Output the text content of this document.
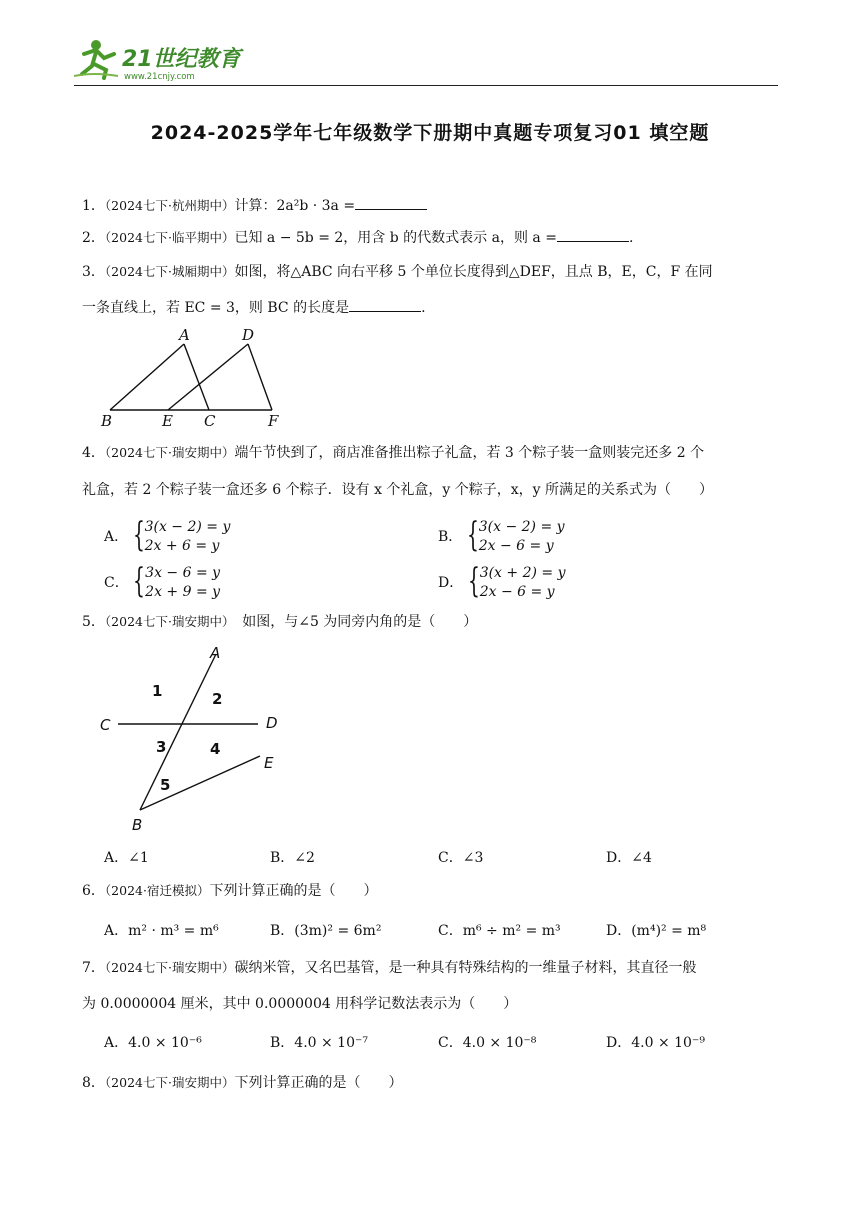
21世纪教育
www.21cnjy.com
2024-2025学年七年级数学下册期中真题专项复习01 填空题
1．（2024七下·杭州期中）计算：2a²b · 3a =
2．（2024七下·临平期中）已知 a − 5b = 2，用含 b 的代数式表示 a，则 a =	.
3．（2024七下·城厢期中）如图，将△ABC 向右平移 5 个单位长度得到△DEF，且点 B，E，C，F 在同
一条直线上，若 EC = 3，则 BC 的长度是	.
A	D
B	E C	F
4．（2024七下·瑞安期中）端午节快到了，商店准备推出粽子礼盒，若 3 个粽子装一盒则装完还多 2 个
礼盒，若 2 个粽子装一盒还多 6 个粽子．设有 x 个礼盒，y 个粽子，x，y 所满足的关系式为（　　）
A． { 3(x − 2) = y
2x + 6 = y
B． { 3(x − 2) = y
2x − 6 = y
C． { 3x − 6 = y
2x + 9 = y
D． { 3(x + 2) = y
2x − 6 = y
5．（2024七下·瑞安期中）　如图，与∠5 为同旁内角的是（　　）
A
C	D
E
B
1	2
3	4
5
A．∠1	B．∠2	C．∠3	D．∠4
6．（2024·宿迁模拟）下列计算正确的是（　　）
A．m² · m³ = m⁶	B．(3m)² = 6m²	C．m⁶ ÷ m² = m³	D．(m⁴)² = m⁸
7．（2024七下·瑞安期中）碳纳米管，又名巴基管，是一种具有特殊结构的一维量子材料，其直径一般
为 0.0000004 厘米，其中 0.0000004 用科学记数法表示为（　　）
A．4.0 × 10⁻⁶	B．4.0 × 10⁻⁷	C．4.0 × 10⁻⁸	D．4.0 × 10⁻⁹
8．（2024七下·瑞安期中）下列计算正确的是（　　）
